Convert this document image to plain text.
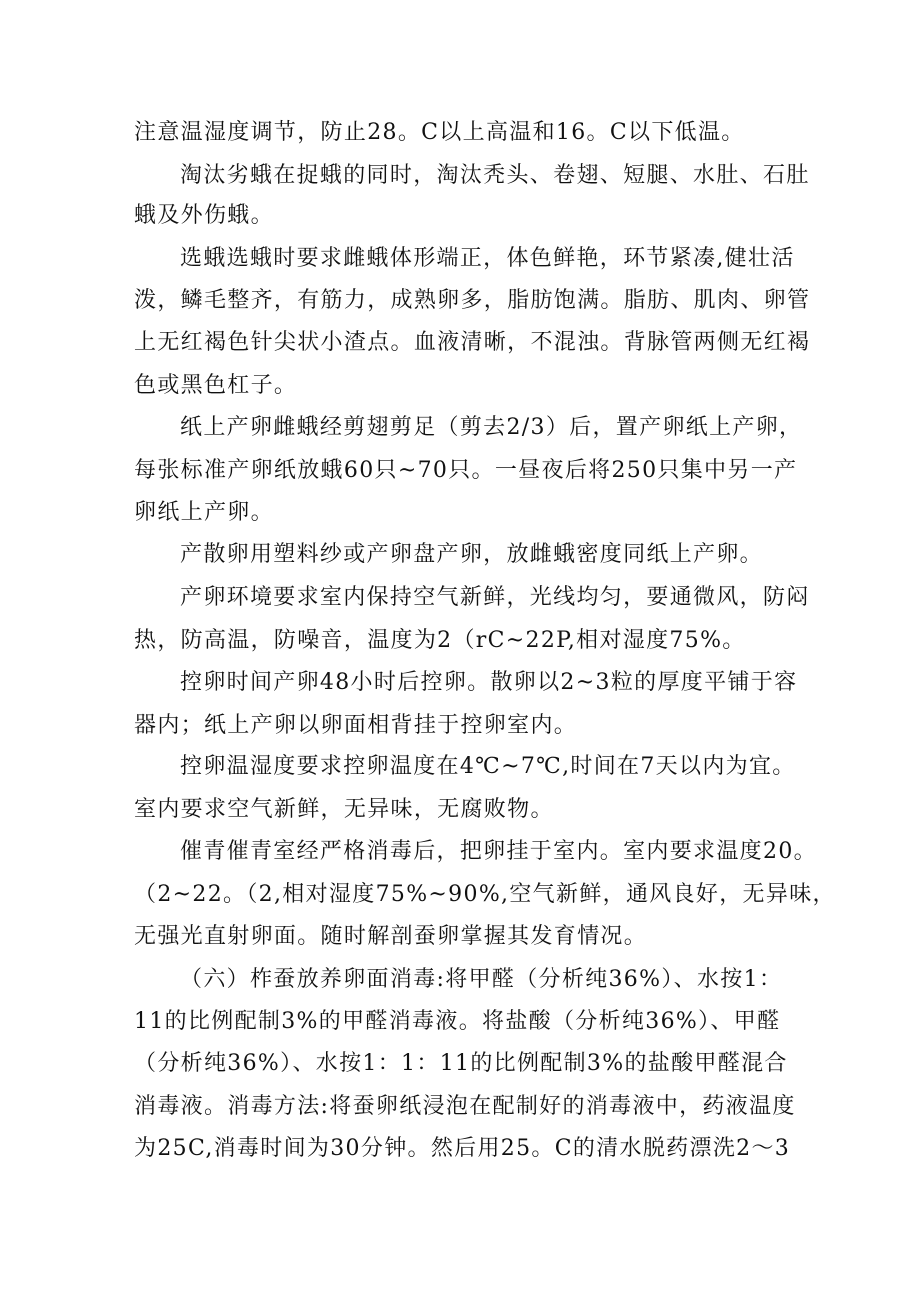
注意温湿度调节，防止28。C以上高温和16。C以下低温。
淘汰劣蛾在捉蛾的同时，淘汰秃头、卷翅、短腿、水肚、石肚
蛾及外伤蛾。
选蛾选蛾时要求雌蛾体形端正，体色鲜艳，环节紧凑,健壮活
泼，鳞毛整齐，有筋力，成熟卵多，脂肪饱满。脂肪、肌肉、卵管
上无红褐色针尖状小渣点。血液清晰，不混浊。背脉管两侧无红褐
色或黑色杠子。
纸上产卵雌蛾经剪翅剪足（剪去2/3）后，置产卵纸上产卵，
每张标准产卵纸放蛾60只~70只。一昼夜后将250只集中另一产
卵纸上产卵。
产散卵用塑料纱或产卵盘产卵，放雌蛾密度同纸上产卵。
产卵环境要求室内保持空气新鲜，光线均匀，要通微风，防闷
热，防高温，防噪音，温度为2（rC~22P,相对湿度75%。
控卵时间产卵48小时后控卵。散卵以2~3粒的厚度平铺于容
器内；纸上产卵以卵面相背挂于控卵室内。
控卵温湿度要求控卵温度在4℃~7℃,时间在7天以内为宜。
室内要求空气新鲜，无异味，无腐败物。
催青催青室经严格消毒后，把卵挂于室内。室内要求温度20。
（2~22。（2,相对湿度75%~90%,空气新鲜，通风良好，无异味，
无强光直射卵面。随时解剖蚕卵掌握其发育情况。
（六）柞蚕放养卵面消毒:将甲醛（分析纯36%）、水按1：
11的比例配制3%的甲醛消毒液。将盐酸（分析纯36%）、甲醛
（分析纯36%）、水按1：1：11的比例配制3%的盐酸甲醛混合
消毒液。消毒方法:将蚕卵纸浸泡在配制好的消毒液中，药液温度
为25C,消毒时间为30分钟。然后用25。C的清水脱药漂洗2～3
